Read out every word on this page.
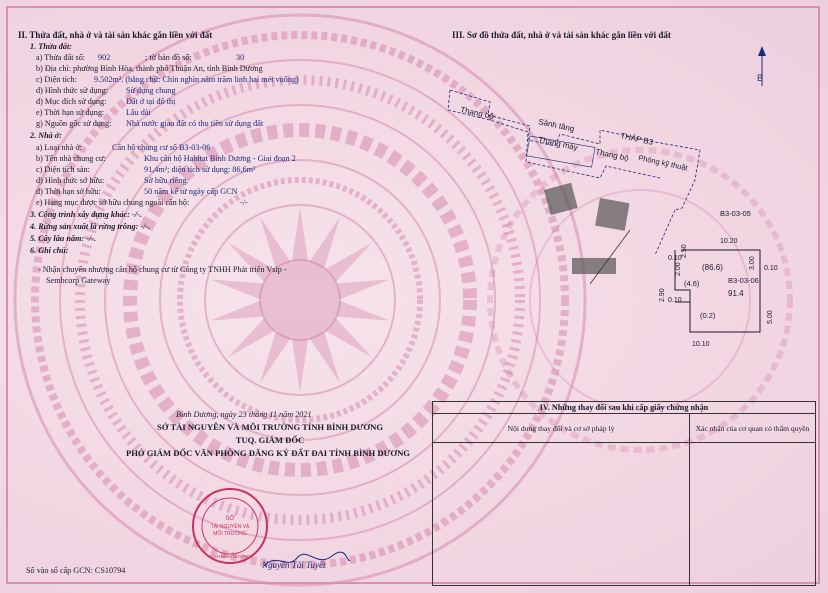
II. Thửa đất, nhà ở và tài sản khác gắn liền với đất
1. Thửa đất:
a) Thửa đất số: 902	; tờ bản đồ số:	30
b) Địa chỉ: phường Bình Hòa, thành phố Thuận An, tỉnh Bình Dương
c) Diện tích: 9.502m². (bằng chữ: Chín nghìn năm trăm linh hai mét vuông)
d) Hình thức sử dụng: Sử dụng chung
đ) Mục đích sử dụng: Đất ở tại đô thị
e) Thời hạn sử dụng:	Lâu dài
g) Nguồn gốc sử dụng: Nhà nước giao đất có thu tiền sử dụng đất
2. Nhà ở:
a) Loại nhà ở:	Căn hộ chung cư số B3-03-06
b) Tên nhà chung cư:	Khu căn hộ Habitat Bình Dương - Giai đoạn 2
c) Diện tích sàn:	91,4m²; diện tích sử dụng: 86,6m²
d) Hình thức sở hữu:	Sở hữu riêng.
đ) Thời hạn sở hữu:	50 năm kể từ ngày cấp GCN
e) Hạng mục được sở hữu chung ngoài căn hộ:	-/-
3. Công trình xây dựng khác: -/-.
4. Rừng sản xuất là rừng trồng: -/-.
5. Cây lâu năm: -/-.
6. Ghi chú:
- Nhận chuyển nhượng căn hộ chung cư từ Công ty TNHH Phát triển Vsip -
Sembcorp Gateway
III. Sơ đồ thửa đất, nhà ở và tài sản khác gắn liền với đất
B
Thang bộ
Sảnh tầng
THÁP B3
Thang máy
Thang bộ Phòng kỹ thuật
B3-03-05
10.20
B3-03-06
(86.6)
91.4
(4.6)
(0.2)
10.10
2.50
0.10
0.10
0.10
2.00	3.00
5.00
2.90
Bình Dương, ngày 23 tháng 11 năm 2021
SỞ TÀI NGUYÊN VÀ MÔI TRƯỜNG TỈNH BÌNH DƯƠNG
TUQ. GIÁM ĐỐC
PHÓ GIÁM ĐỐC VĂN PHÒNG ĐĂNG KÝ ĐẤT ĐAI TỈNH BÌNH DƯƠNG
SỞ
TÀI NGUYÊN VÀ
MÔI TRƯỜNG
TỈNH BÌNH DƯƠNG
Nguyễn Tài Tuyết
Số vào sổ cấp GCN: CS10794
IV. Những thay đổi sau khi cấp giấy chứng nhận	
Nội dung thay đổi và cơ sở pháp lý	Xác nhận của cơ quan có thẩm quyền
